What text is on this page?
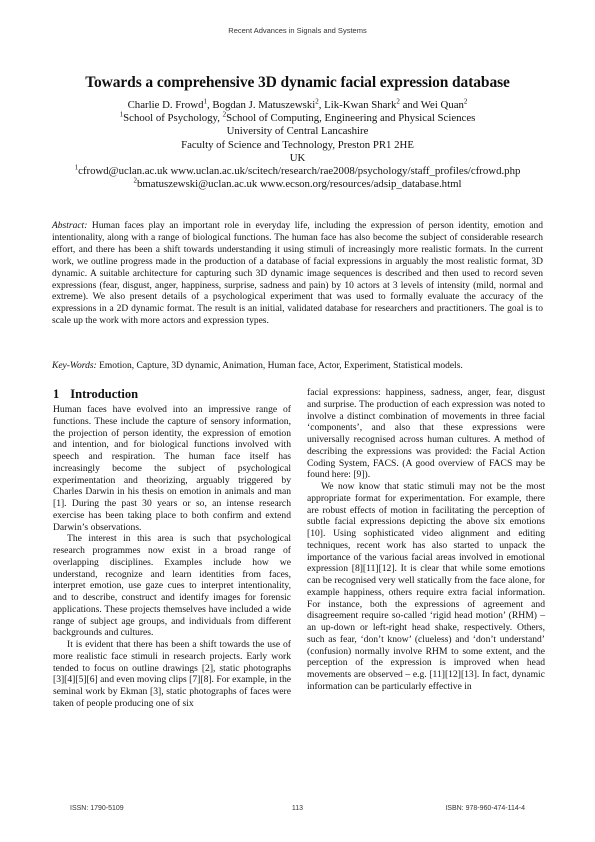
Recent Advances in Signals and Systems
Towards a comprehensive 3D dynamic facial expression database
Charlie D. Frowd$^1$, Bogdan J. Matuszewski$^2$, Lik-Kwan Shark$^2$ and Wei Quan$^2$
$^1$School of Psychology, $^2$School of Computing, Engineering and Physical Sciences
University of Central Lancashire
Faculty of Science and Technology, Preston PR1 2HE
UK
$^1$cfrowd@uclan.ac.uk www.uclan.ac.uk/scitech/research/rae2008/psychology/staff_profiles/cfrowd.php
$^2$bmatuszewski@uclan.ac.uk www.ecson.org/resources/adsip_database.html
Abstract: Human faces play an important role in everyday life, including the expression of person identity, emotion and intentionality, along with a range of biological functions. The human face has also become the subject of considerable research effort, and there has been a shift towards understanding it using stimuli of increasingly more realistic formats. In the current work, we outline progress made in the production of a database of facial expressions in arguably the most realistic format, 3D dynamic. A suitable architecture for capturing such 3D dynamic image sequences is described and then used to record seven expressions (fear, disgust, anger, happiness, surprise, sadness and pain) by 10 actors at 3 levels of intensity (mild, normal and extreme). We also present details of a psychological experiment that was used to formally evaluate the accuracy of the expressions in a 2D dynamic format. The result is an initial, validated database for researchers and practitioners. The goal is to scale up the work with more actors and expression types.
Key-Words: Emotion, Capture, 3D dynamic, Animation, Human face, Actor, Experiment, Statistical models.
1 Introduction

Human faces have evolved into an impressive range of functions. These include the capture of sensory information, the projection of person identity, the expression of emotion and intention, and for biological functions involved with speech and respiration. The human face itself has increasingly become the subject of psychological experimentation and theorizing, arguably triggered by Charles Darwin in his thesis on emotion in animals and man [1]. During the past 30 years or so, an intense research exercise has been taking place to both confirm and extend Darwin’s observations.

The interest in this area is such that psychological research programmes now exist in a broad range of overlapping disciplines. Examples include how we understand, recognize and learn identities from faces, interpret emotion, use gaze cues to interpret intentionality, and to describe, construct and identify images for forensic applications. These projects themselves have included a wide range of subject age groups, and individuals from different backgrounds and cultures.

It is evident that there has been a shift towards the use of more realistic face stimuli in research projects. Early work tended to focus on outline drawings [2], static photographs [3][4][5][6] and even moving clips [7][8]. For example, in the seminal work by Ekman [3], static photographs of faces were taken of people producing one of six

facial expressions: happiness, sadness, anger, fear, disgust and surprise. The production of each expression was noted to involve a distinct combination of movements in three facial ‘components’, and also that these expressions were universally recognised across human cultures. A method of describing the expressions was provided: the Facial Action Coding System, FACS. (A good overview of FACS may be found here: [9]).

We now know that static stimuli may not be the most appropriate format for experimentation. For example, there are robust effects of motion in facilitating the perception of subtle facial expressions depicting the above six emotions [10]. Using sophisticated video alignment and editing techniques, recent work has also started to unpack the importance of the various facial areas involved in emotional expression [8][11][12]. It is clear that while some emotions can be recognised very well statically from the face alone, for example happiness, others require extra facial information. For instance, both the expressions of agreement and disagreement require so-called ‘rigid head motion’ (RHM) – an up-down or left-right head shake, respectively. Others, such as fear, ‘don’t know’ (clueless) and ‘don’t understand’ (confusion) normally involve RHM to some extent, and the perception of the expression is improved when head movements are observed – e.g. [11][12][13]. In fact, dynamic information can be particularly effective in

ISSN: 1790-5109	113	ISBN: 978-960-474-114-4
